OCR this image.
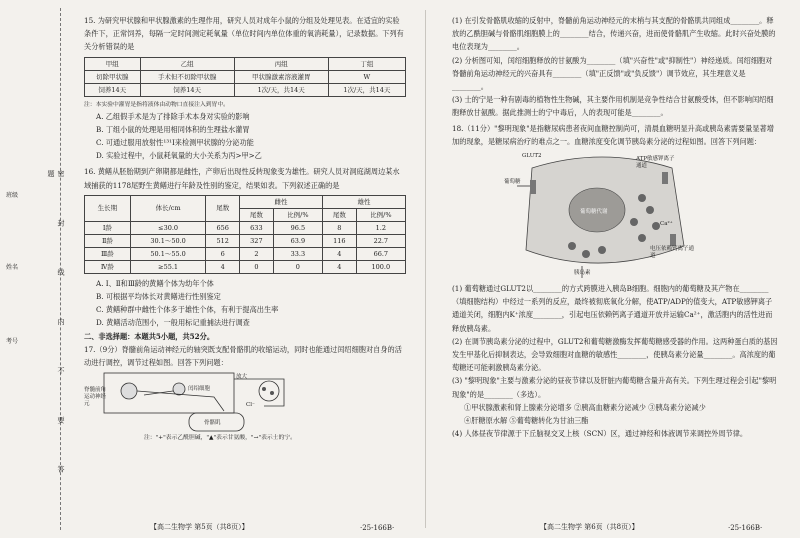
密 封 线 内 不 要 答 题
班级
姓名
考号

15. 为研究甲状腺和甲状腺激素的生理作用，研究人员对成年小鼠的分组及处理见表。在适宜的实验条件下，正常饲养，每隔一定时间测定耗氧量（单位时间内单位体重的氧消耗量），记录数据。下列有关分析错误的是

甲组	乙组	丙组	丁组
切除甲状腺	手术但不切除甲状腺	甲状腺激素溶液灌胃	W
饲养14天	饲养14天	1次/天，共14天	1次/天，共14天

注：本实验中灌胃是指将液体由动物口直接注入到胃中。

A. 乙组假手术是为了排除手术本身对实验的影响

B. 丁组小鼠的处理是用相同体积的生理盐水灌胃

C. 可通过服用放射性¹³¹I来检测甲状腺的分泌功能

D. 实验过程中，小鼠耗氧量的大小关系为丙>甲>乙

16. 黄鳝从胚胎期到产卵期都是雌性，产卵后出现性反转现象变为雄性。研究人员对洞庭湖周边某水域捕获的1178尾野生黄鳝进行年龄及性别的鉴定，结果如表。下列叙述正确的是

生长期	体长/cm	尾数	雌性		雄性	
			尾数	比例/%	尾数	比例/%
Ⅰ龄	≤30.0	656	633	96.5	8	1.2
Ⅱ龄	30.1～50.0	512	327	63.9	116	22.7
Ⅲ龄	50.1～55.0	6	2	33.3	4	66.7
Ⅳ龄	≥55.1	4	0	0	4	100.0

A. Ⅰ、Ⅱ和Ⅲ龄的黄鳝个体为幼年个体

B. 可根据平均体长对黄鳝进行性别鉴定

C. 黄鳝种群中雌性个体多于雄性个体，有利于提高出生率

D. 黄鳝活动范围小，一般用标记重捕法进行调查

二、非选择题：本题共5小题，共52分。

17.（9分）脊髓前角运动神经元的轴突既支配骨骼肌的收缩运动，同时也能通过闰绍细胞对自身的活动进行调控，调节过程如图。回答下列问题：

脊髓前角运动神经元
闰绍细胞
骨骼肌
放大
Cl⁻

注："+"表示乙酰胆碱，"▲"表示甘氨酸，"→"表示士的宁。

(1) 在引发骨骼肌收缩的反射中，脊髓前角运动神经元的末梢与其支配的骨骼肌共同组成________。释放的乙酰胆碱与骨骼肌细胞膜上的________结合，传递兴奋，进而使骨骼肌产生收缩。此时兴奋处膜的电位表现为________。

(2) 分析图可知，闰绍细胞释放的甘氨酸为________（填"兴奋性"或"抑制性"）神经递质。闰绍细胞对脊髓前角运动神经元的兴奋具有________（填"正反馈"或"负反馈"）调节效应，其生理意义是________。

(3) 士的宁是一种有剧毒的植物性生物碱，其主要作用机制是竞争性结合甘氨酸受体，但不影响闰绍细胞释放甘氨酸。据此推测士的宁中毒后，人的表现可能是________。

18.（11分）"黎明现象"是指糖尿病患者夜间血糖控制尚可，清晨血糖明显升高或胰岛素需要量显著增加的现象，是糖尿病治疗的难点之一。血糖浓度变化调节胰岛素分泌的过程如图。回答下列问题：

GLUT2
葡萄糖
ATP敏感钾离子通道
Ca²⁺
电压依赖钙离子通道
胰岛素
葡萄糖代谢

(1) 葡萄糖通过GLUT2以________的方式跨膜进入胰岛B细胞。细胞内的葡萄糖及其产物在________（填细胞结构）中经过一系列的反应，最终被彻底氧化分解，使ATP/ADP的值变大，ATP敏感钾离子通道关闭，细胞内K⁺浓度________，引起电压依赖钙离子通道开放并运输Ca²⁺，激活胞内的活性进而释放胰岛素。

(2) 在调节胰岛素分泌的过程中，GLUT2和葡萄糖激酶发挥葡萄糖感受器的作用。这两种蛋白质的基因发生甲基化后抑制表达，会导致细胞对血糖的敏感性________，使胰岛素分泌量________。高浓度的葡萄糖还可能刺激胰岛素分泌。

(3) "黎明现象"主要与激素分泌的昼夜节律以及肝脏内葡萄糖含量升高有关。下列生理过程会引起"黎明现象"的是________（多选）。

①甲状腺激素和肾上腺素分泌增多 ②胰高血糖素分泌减少 ③胰岛素分泌减少

④肝糖原水解 ⑤葡萄糖转化为甘油三酯

(4) 人体昼夜节律源于下丘脑视交叉上核（SCN）区，通过神经和体液调节来调控外周节律。

【高二生物学 第5页（共8页）】	·25-166B·	【高二生物学 第6页（共8页）】	·25-166B·
